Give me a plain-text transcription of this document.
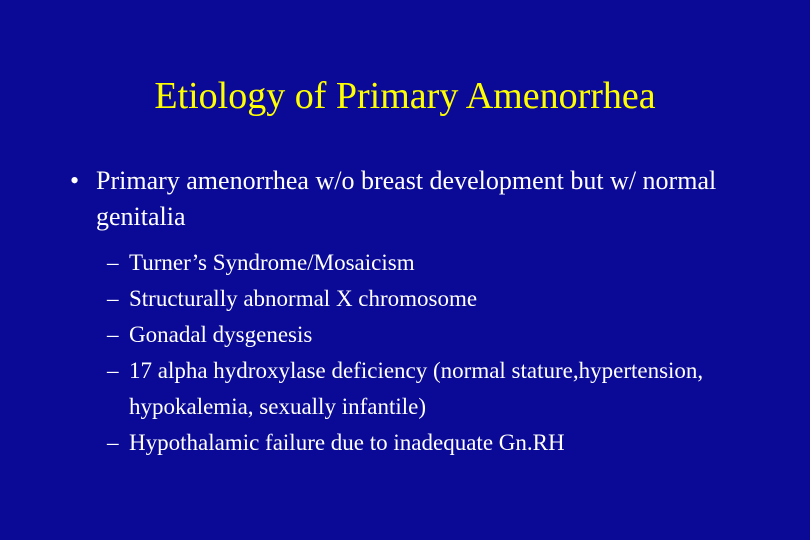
Etiology of Primary Amenorrhea
• Primary amenorrhea w/o breast development but w/ normal genitalia
– Turner’s Syndrome/Mosaicism
– Structurally abnormal X chromosome
– Gonadal dysgenesis
– 17 alpha hydroxylase deficiency (normal stature,hypertension, hypokalemia, sexually infantile)
– Hypothalamic failure due to inadequate Gn.RH
